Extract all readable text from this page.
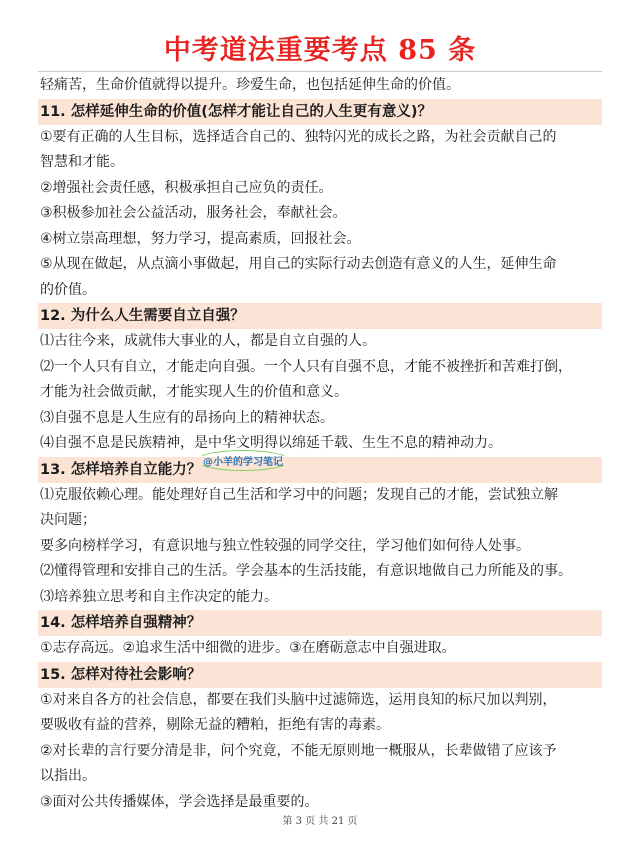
中考道法重要考点 85 条
轻痛苦，生命价值就得以提升。珍爱生命，也包括延伸生命的价值。
11. 怎样延伸生命的价值(怎样才能让自己的人生更有意义)？
①要有正确的人生目标，选择适合自己的、独特闪光的成长之路，为社会贡献自己的
智慧和才能。
②增强社会责任感，积极承担自己应负的责任。
③积极参加社会公益活动，服务社会，奉献社会。
④树立崇高理想，努力学习，提高素质，回报社会。
⑤从现在做起，从点滴小事做起，用自己的实际行动去创造有意义的人生，延伸生命
的价值。
12. 为什么人生需要自立自强？
⑴古往今来，成就伟大事业的人，都是自立自强的人。
⑵一个人只有自立，才能走向自强。一个人只有自强不息，才能不被挫折和苦难打倒，
才能为社会做贡献，才能实现人生的价值和意义。
⑶自强不息是人生应有的昂扬向上的精神状态。
⑷自强不息是民族精神，是中华文明得以绵延千载、生生不息的精神动力。
13. 怎样培养自立能力？
⑴克服依赖心理。能处理好自己生活和学习中的问题；发现自己的才能，尝试独立解
决问题；
要多向榜样学习，有意识地与独立性较强的同学交往，学习他们如何待人处事。
⑵懂得管理和安排自己的生活。学会基本的生活技能，有意识地做自己力所能及的事。
⑶培养独立思考和自主作决定的能力。
14. 怎样培养自强精神？
①志存高远。②追求生活中细微的进步。③在磨砺意志中自强进取。
15. 怎样对待社会影响？
①对来自各方的社会信息，都要在我们头脑中过滤筛选，运用良知的标尺加以判别，
要吸收有益的营养，剔除无益的糟粕，拒绝有害的毒素。
②对长辈的言行要分清是非，问个究竟，不能无原则地一概服从，长辈做错了应该予
以指出。
③面对公共传播媒体，学会选择是最重要的。
@小羊的学习笔记
第 3 页 共 21 页
